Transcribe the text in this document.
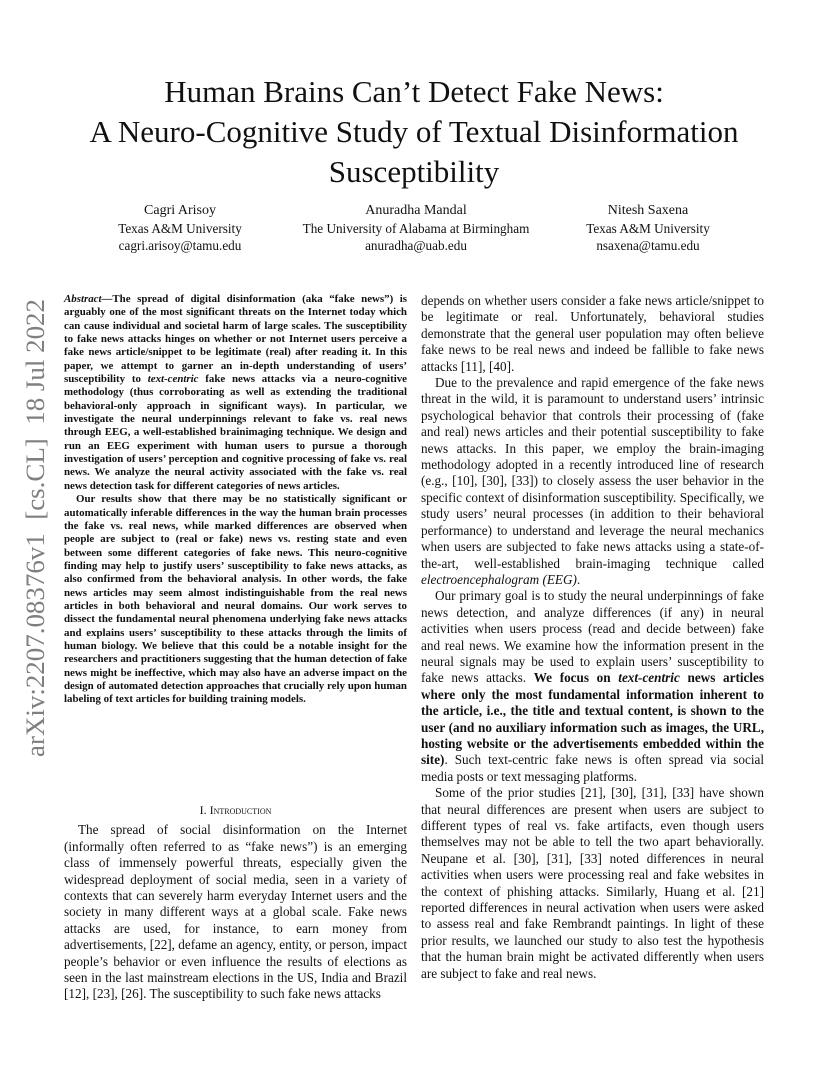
Human Brains Can’t Detect Fake News:
A Neuro-Cognitive Study of Textual Disinformation
Susceptibility
Cagri Arisoy
Texas A&M University
cagri.arisoy@tamu.edu
Anuradha Mandal
The University of Alabama at Birmingham
anuradha@uab.edu
Nitesh Saxena
Texas A&M University
nsaxena@tamu.edu
arXiv:2207.08376v1  [cs.CL]  18 Jul 2022

Abstract—The spread of digital disinformation (aka “fake news”) is arguably one of the most significant threats on the Internet today which can cause individual and societal harm of large scales. The susceptibility to fake news attacks hinges on whether or not Internet users perceive a fake news article/snippet to be legitimate (real) after reading it. In this paper, we attempt to garner an in-depth understanding of users’ susceptibility to text-centric fake news attacks via a neuro-cognitive methodology (thus corroborating as well as extending the traditional behavioral-only approach in significant ways). In particular, we investigate the neural underpinnings relevant to fake vs. real news through EEG, a well-established brainimaging technique. We design and run an EEG experiment with human users to pursue a thorough investigation of users’ perception and cognitive processing of fake vs. real news. We analyze the neural activity associated with the fake vs. real news detection task for different categories of news articles.

Our results show that there may be no statistically significant or automatically inferable differences in the way the human brain processes the fake vs. real news, while marked differences are observed when people are subject to (real or fake) news vs. resting state and even between some different categories of fake news. This neuro-cognitive finding may help to justify users’ susceptibility to fake news attacks, as also confirmed from the behavioral analysis. In other words, the fake news articles may seem almost indistinguishable from the real news articles in both behavioral and neural domains. Our work serves to dissect the fundamental neural phenomena underlying fake news attacks and explains users’ susceptibility to these attacks through the limits of human biology. We believe that this could be a notable insight for the researchers and practitioners suggesting that the human detection of fake news might be ineffective, which may also have an adverse impact on the design of automated detection approaches that crucially rely upon human labeling of text articles for building training models.

I. Introduction

The spread of social disinformation on the Internet (informally often referred to as “fake news”) is an emerging class of immensely powerful threats, especially given the widespread deployment of social media, seen in a variety of contexts that can severely harm everyday Internet users and the society in many different ways at a global scale. Fake news attacks are used, for instance, to earn money from advertisements, [22], defame an agency, entity, or person, impact people’s behavior or even influence the results of elections as seen in the last mainstream elections in the US, India and Brazil [12], [23], [26]. The susceptibility to such fake news attacks

depends on whether users consider a fake news article/snippet to be legitimate or real. Unfortunately, behavioral studies demonstrate that the general user population may often believe fake news to be real news and indeed be fallible to fake news attacks [11], [40].

Due to the prevalence and rapid emergence of the fake news threat in the wild, it is paramount to understand users’ intrinsic psychological behavior that controls their processing of (fake and real) news articles and their potential susceptibility to fake news attacks. In this paper, we employ the brain-imaging methodology adopted in a recently introduced line of research (e.g., [10], [30], [33]) to closely assess the user behavior in the specific context of disinformation susceptibility. Specifically, we study users’ neural processes (in addition to their behavioral performance) to understand and leverage the neural mechanics when users are subjected to fake news attacks using a state-of-the-art, well-established brain-imaging technique called electroencephalogram (EEG).

Our primary goal is to study the neural underpinnings of fake news detection, and analyze differences (if any) in neural activities when users process (read and decide between) fake and real news. We examine how the information present in the neural signals may be used to explain users’ susceptibility to fake news attacks. We focus on text-centric news articles where only the most fundamental information inherent to the article, i.e., the title and textual content, is shown to the user (and no auxiliary information such as images, the URL, hosting website or the advertisements embedded within the site). Such text-centric fake news is often spread via social media posts or text messaging platforms.

Some of the prior studies [21], [30], [31], [33] have shown that neural differences are present when users are subject to different types of real vs. fake artifacts, even though users themselves may not be able to tell the two apart behaviorally. Neupane et al. [30], [31], [33] noted differences in neural activities when users were processing real and fake websites in the context of phishing attacks. Similarly, Huang et al. [21] reported differences in neural activation when users were asked to assess real and fake Rembrandt paintings. In light of these prior results, we launched our study to also test the hypothesis that the human brain might be activated differently when users are subject to fake and real news.
